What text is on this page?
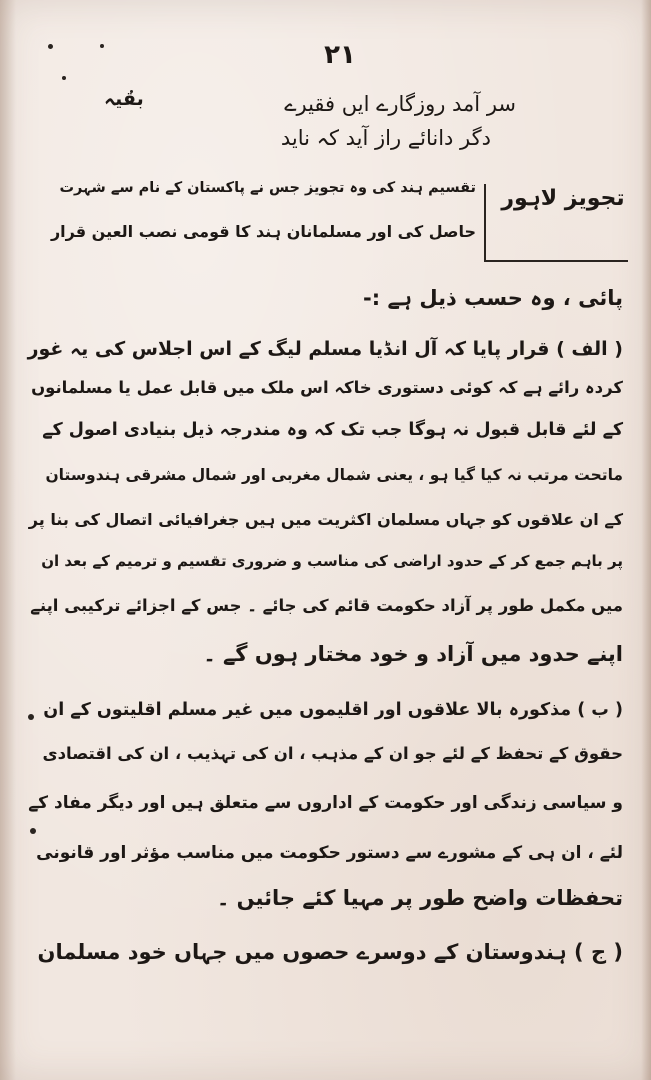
۲۱
بقیہ	سر آمد روزگارے ایں فقیرے
دگر دانائے راز آید کہ ناید
تجویز لاہور
تقسیم ہند کی وہ تجویز جس نے پاکستان کے نام سے شہرت
حاصل کی اور مسلمانان ہند کا قومی نصب العین قرار
پائی ، وہ حسب ذیل ہے :-
( الف ) قرار پایا کہ آل انڈیا مسلم لیگ کے اس اجلاس کی یہ غور
کردہ رائے ہے کہ کوئی دستوری خاکہ اس ملک میں قابل عمل یا مسلمانوں
کے لئے قابل قبول نہ ہوگا جب تک کہ وہ مندرجہ ذیل بنیادی اصول کے
ماتحت مرتب نہ کیا گیا ہو ، یعنی شمال مغربی اور شمال مشرقی ہندوستان
کے ان علاقوں کو جہاں مسلمان اکثریت میں ہیں جغرافیائی اتصال کی بنا پر
پر باہم جمع کر کے حدود اراضی کی مناسب و ضروری تقسیم و ترمیم کے بعد ان
میں مکمل طور پر آزاد حکومت قائم کی جائے ۔ جس کے اجزائے ترکیبی اپنے
اپنے حدود میں آزاد و خود مختار ہوں گے ۔
( ب ) مذکورہ بالا علاقوں اور اقلیموں میں غیر مسلم اقلیتوں کے ان
حقوق کے تحفظ کے لئے جو ان کے مذہب ، ان کی تہذیب ، ان کی اقتصادی
و سیاسی زندگی اور حکومت کے اداروں سے متعلق ہیں اور دیگر مفاد کے
لئے ، ان ہی کے مشورے سے دستور حکومت میں مناسب مؤثر اور قانونی
تحفظات واضح طور پر مہیا کئے جائیں ۔
( ج ) ہندوستان کے دوسرے حصوں میں جہاں خود مسلمان
